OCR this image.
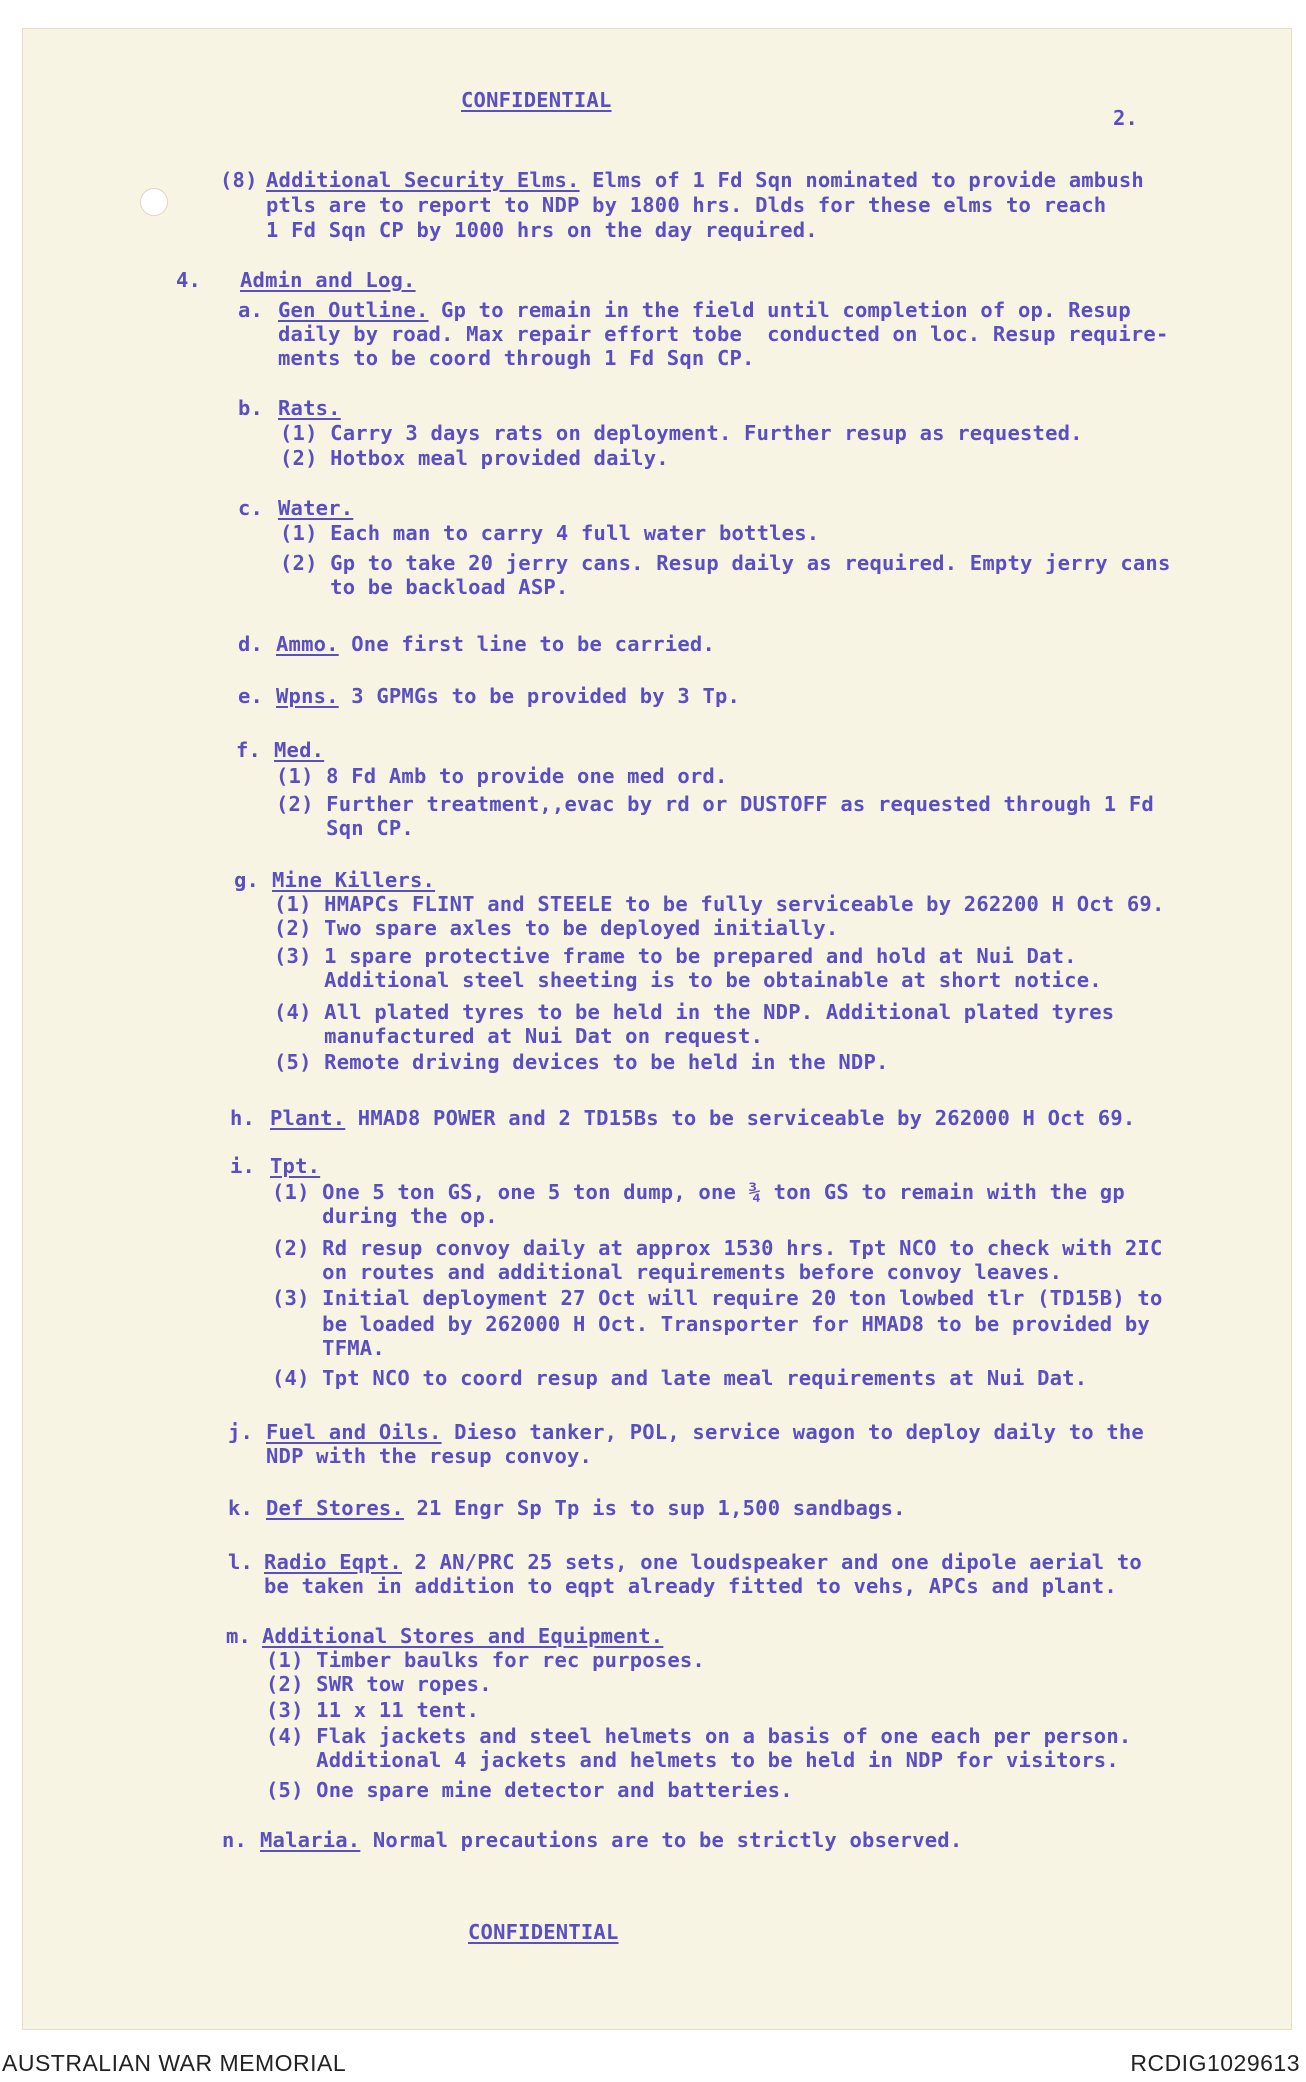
CONFIDENTIAL
2.
(8) Additional Security Elms. Elms of 1 Fd Sqn nominated to provide ambush
ptls are to report to NDP by 1800 hrs. Dlds for these elms to reach
1 Fd Sqn CP by 1000 hrs on the day required.
4. Admin and Log.
a. Gen Outline. Gp to remain in the field until completion of op. Resup
daily by road. Max repair effort tobe  conducted on loc. Resup require-
ments to be coord through 1 Fd Sqn CP.
b. Rats.
(1) Carry 3 days rats on deployment. Further resup as requested.
(2) Hotbox meal provided daily.
c. Water.
(1) Each man to carry 4 full water bottles.
(2) Gp to take 20 jerry cans. Resup daily as required. Empty jerry cans
to be backload ASP.
d. Ammo. One first line to be carried.
e. Wpns. 3 GPMGs to be provided by 3 Tp.
f. Med.
(1) 8 Fd Amb to provide one med ord.
(2) Further treatment,,evac by rd or DUSTOFF as requested through 1 Fd
Sqn CP.
g. Mine Killers.
(1) HMAPCs FLINT and STEELE to be fully serviceable by 262200 H Oct 69.
(2) Two spare axles to be deployed initially.
(3) 1 spare protective frame to be prepared and hold at Nui Dat.
Additional steel sheeting is to be obtainable at short notice.
(4) All plated tyres to be held in the NDP. Additional plated tyres
manufactured at Nui Dat on request.
(5) Remote driving devices to be held in the NDP.
h. Plant. HMAD8 POWER and 2 TD15Bs to be serviceable by 262000 H Oct 69.
i. Tpt.
(1) One 5 ton GS, one 5 ton dump, one ¾ ton GS to remain with the gp
during the op.
(2) Rd resup convoy daily at approx 1530 hrs. Tpt NCO to check with 2IC
on routes and additional requirements before convoy leaves.
(3) Initial deployment 27 Oct will require 20 ton lowbed tlr (TD15B) to
be loaded by 262000 H Oct. Transporter for HMAD8 to be provided by
TFMA.
(4) Tpt NCO to coord resup and late meal requirements at Nui Dat.
j. Fuel and Oils. Dieso tanker, POL, service wagon to deploy daily to the
NDP with the resup convoy.
k. Def Stores. 21 Engr Sp Tp is to sup 1,500 sandbags.
l. Radio Eqpt. 2 AN/PRC 25 sets, one loudspeaker and one dipole aerial to
be taken in addition to eqpt already fitted to vehs, APCs and plant.
m. Additional Stores and Equipment.
(1) Timber baulks for rec purposes.
(2) SWR tow ropes.
(3) 11 x 11 tent.
(4) Flak jackets and steel helmets on a basis of one each per person.
Additional 4 jackets and helmets to be held in NDP for visitors.
(5) One spare mine detector and batteries.
n. Malaria. Normal precautions are to be strictly observed.
CONFIDENTIAL
AUSTRALIAN WAR MEMORIAL	RCDIG1029613
